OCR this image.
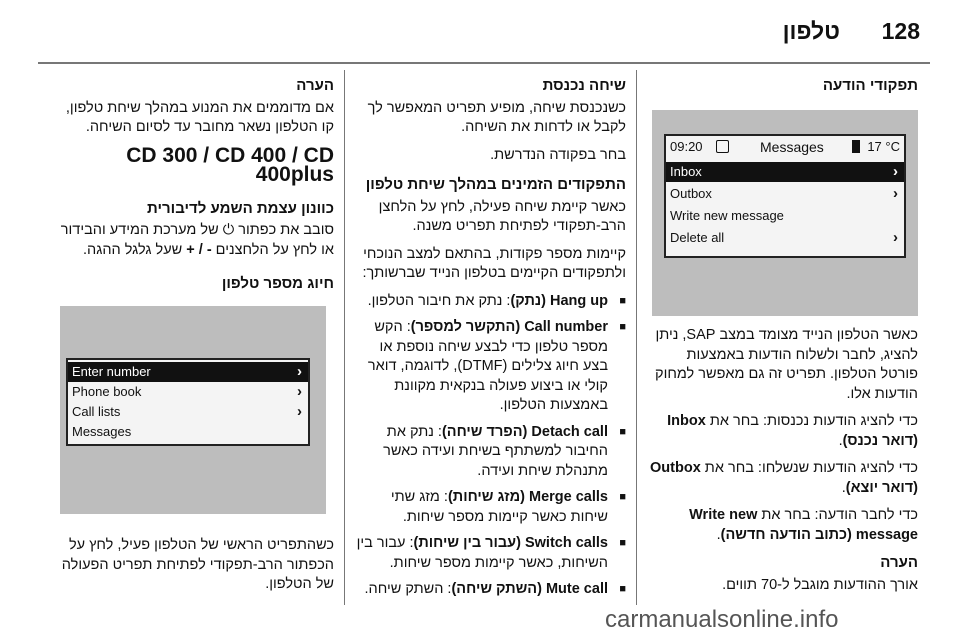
128
טלפון
תפקודי הודעה
09:20	Messages	17 °C
Inbox	›
Outbox	›
Write new message
Delete all	›

כאשר הטלפון הנייד מצומד במצב SAP, ניתן להציג, לחבר ולשלוח הודעות באמצעות פורטל הטלפון. תפריט זה גם מאפשר למחוק הודעות אלו.

כדי להציג הודעות נכנסות: בחר את Inbox (דואר נכנס).

כדי להציג הודעות שנשלחו: בחר את Outbox (דואר יוצא).

כדי לחבר הודעה: בחר את Write new message (כתוב הודעה חדשה).

הערה

אורך ההודעות מוגבל ל-70 תווים.

שיחה נכנסת

כשנכנסת שיחה, מופיע תפריט המאפשר לך לקבל או לדחות את השיחה.

בחר בפקודה הנדרשת.

התפקודים הזמינים במהלך שיחת טלפון

כאשר קיימת שיחה פעילה, לחץ על הלחצן הרב-תפקודי לפתיחת תפריט משנה.

קיימות מספר פקודות, בהתאם למצב הנוכחי ולתפקודים הקיימים בטלפון הנייד שברשותך:

■ Hang up (נתק): נתק את חיבור הטלפון.
■ Call number (התקשר למספר): הקש מספר טלפון כדי לבצע שיחה נוספת או בצע חיוג צלילים (DTMF), לדוגמה, דואר קולי או ביצוע פעולה בנקאית מקוונת באמצעות הטלפון.
■ Detach call (הפרד שיחה): נתק את החיבור למשתתף בשיחת ועידה כאשר מתנהלת שיחת ועידה.
■ Merge calls (מזג שיחות): מזג שתי שיחות כאשר קיימות מספר שיחות.
■ Switch calls (עבור בין שיחות): עבור בין השיחות, כאשר קיימות מספר שיחות.
■ Mute call (השתק שיחה): השתק שיחה.
הערה

אם מדוממים את המנוע במהלך שיחת טלפון, קו הטלפון נשאר מחובר עד לסיום השיחה.

CD 300 / CD 400 / CD 400plus
כוונון עצמת השמע לדיבורית

סובב את כפתור ⏻ של מערכת המידע והבידור או לחץ על הלחצנים + / - שעל גלגל ההגה.

חיוג מספר טלפון
Enter number	›
Phone book	›
Call lists	›
Messages

כשהתפריט הראשי של הטלפון פעיל, לחץ על הכפתור הרב-תפקודי לפתיחת תפריט הפעולה של הטלפון.

carmanualsonline.info
